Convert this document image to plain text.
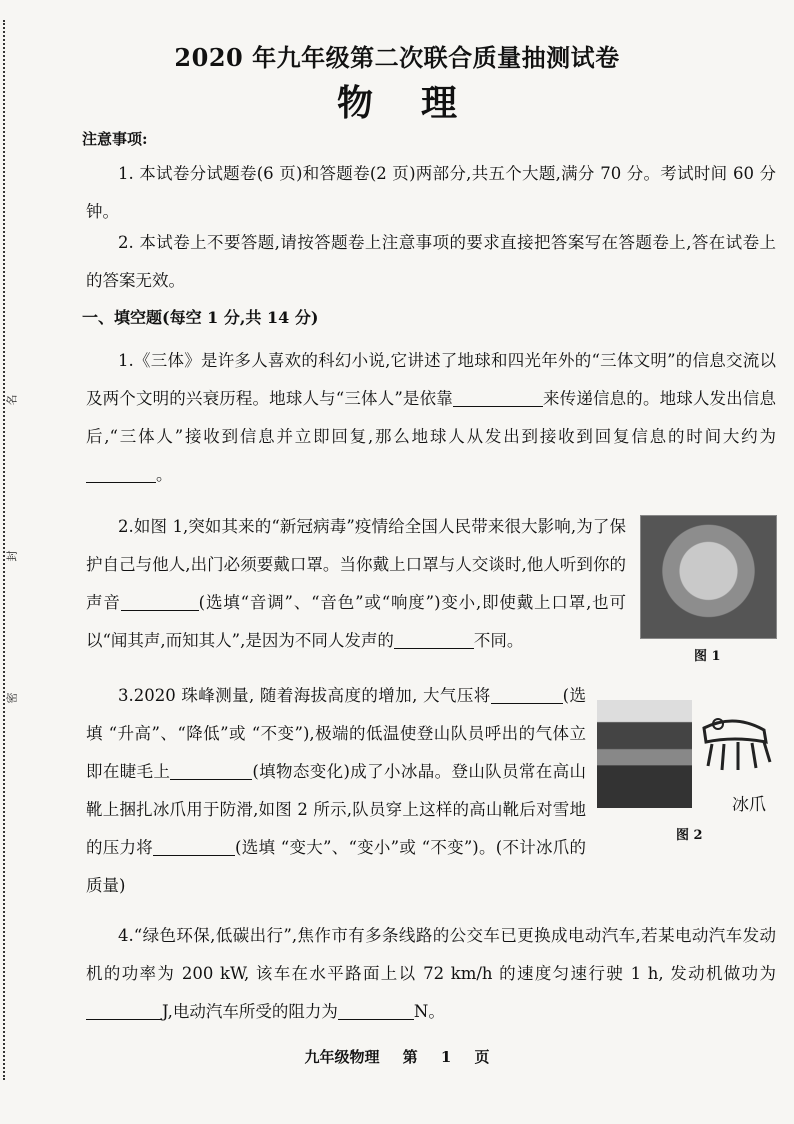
名
封
密
2020 年九年级第二次联合质量抽测试卷
物理
注意事项:
1. 本试卷分试题卷(6 页)和答题卷(2 页)两部分,共五个大题,满分 70 分。考试时间 60 分钟。
2. 本试卷上不要答题,请按答题卷上注意事项的要求直接把答案写在答题卷上,答在试卷上的答案无效。
一、填空题(每空 1 分,共 14 分)
1.《三体》是许多人喜欢的科幻小说,它讲述了地球和四光年外的“三体文明”的信息交流以及两个文明的兴衰历程。地球人与“三体人”是依靠	来传递信息的。地球人发出信息后,“三体人”接收到信息并立即回复,那么地球人从发出到接收到回复信息的时间大约为。
2.如图 1,突如其来的“新冠病毒”疫情给全国人民带来很大影响,为了保护自己与他人,出门必须要戴口罩。当你戴上口罩与人交谈时,他人听到你的声音	(选填“音调”、“音色”或“响度”)变小,即使戴上口罩,也可以“闻其声,而知其人”,是因为不同人发声的	不同。
图 1
3.2020 珠峰测量, 随着海拔高度的增加, 大气压将	(选填 “升高”、“降低”或 “不变”),极端的低温使登山队员呼出的气体立即在睫毛上	(填物态变化)成了小冰晶。登山队员常在高山靴上捆扎冰爪用于防滑,如图 2 所示,队员穿上这样的高山靴后对雪地的压力将	(选填 “变大”、“变小”或 “不变”)。(不计冰爪的质量)
冰爪
图 2
4.“绿色环保,低碳出行”,焦作市有多条线路的公交车已更换成电动汽车,若某电动汽车发动机的功率为 200 kW, 该车在水平路面上以 72 km/h 的速度匀速行驶 1 h, 发动机做功为J,电动汽车所受的阻力为	N。
九年级物理 第 1 页
